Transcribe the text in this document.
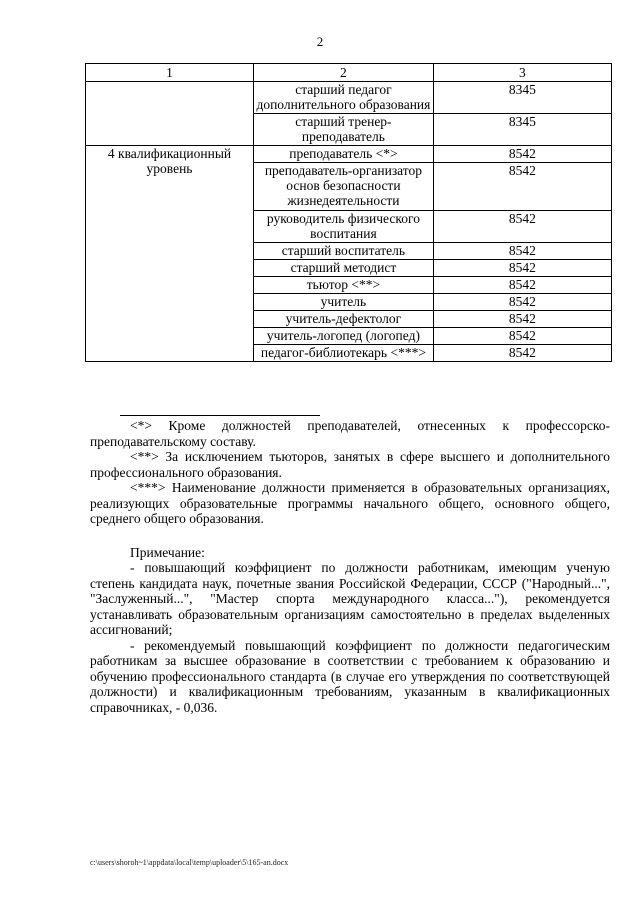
2
1	2	3
	старший педагог дополнительного образования	8345
	старший тренер-преподаватель	8345
4 квалификационный уровень	преподаватель <*>	8542
	преподаватель-организатор основ безопасности жизнедеятельности	8542
	руководитель физического воспитания	8542
	старший воспитатель	8542
	старший методист	8542
	тьютор <**>	8542
	учитель	8542
	учитель-дефектолог	8542
	учитель-логопед (логопед)	8542
	педагог-библиотекарь <***>	8542

<*> Кроме должностей преподавателей, отнесенных к профессорско-преподавательскому составу.

<**> За исключением тьюторов, занятых в сфере высшего и дополнительного профессионального образования.

<***> Наименование должности применяется в образовательных организациях, реализующих образовательные программы начального общего, основного общего, среднего общего образования.

Примечание:

- повышающий коэффициент по должности работникам, имеющим ученую степень кандидата наук, почетные звания Российской Федерации, СССР ("Народный...", "Заслуженный...", "Мастер спорта международного класса..."), рекомендуется устанавливать образовательным организациям самостоятельно в пределах выделенных ассигнований;

- рекомендуемый повышающий коэффициент по должности педагогическим работникам за высшее образование в соответствии с требованием к образованию и обучению профессионального стандарта (в случае его утверждения по соответствующей должности) и квалификационным требованиям, указанным в квалификационных справочниках, - 0,036.

c:\users\shoroh~1\appdata\local\temp\uploader\5\165-an.docx
